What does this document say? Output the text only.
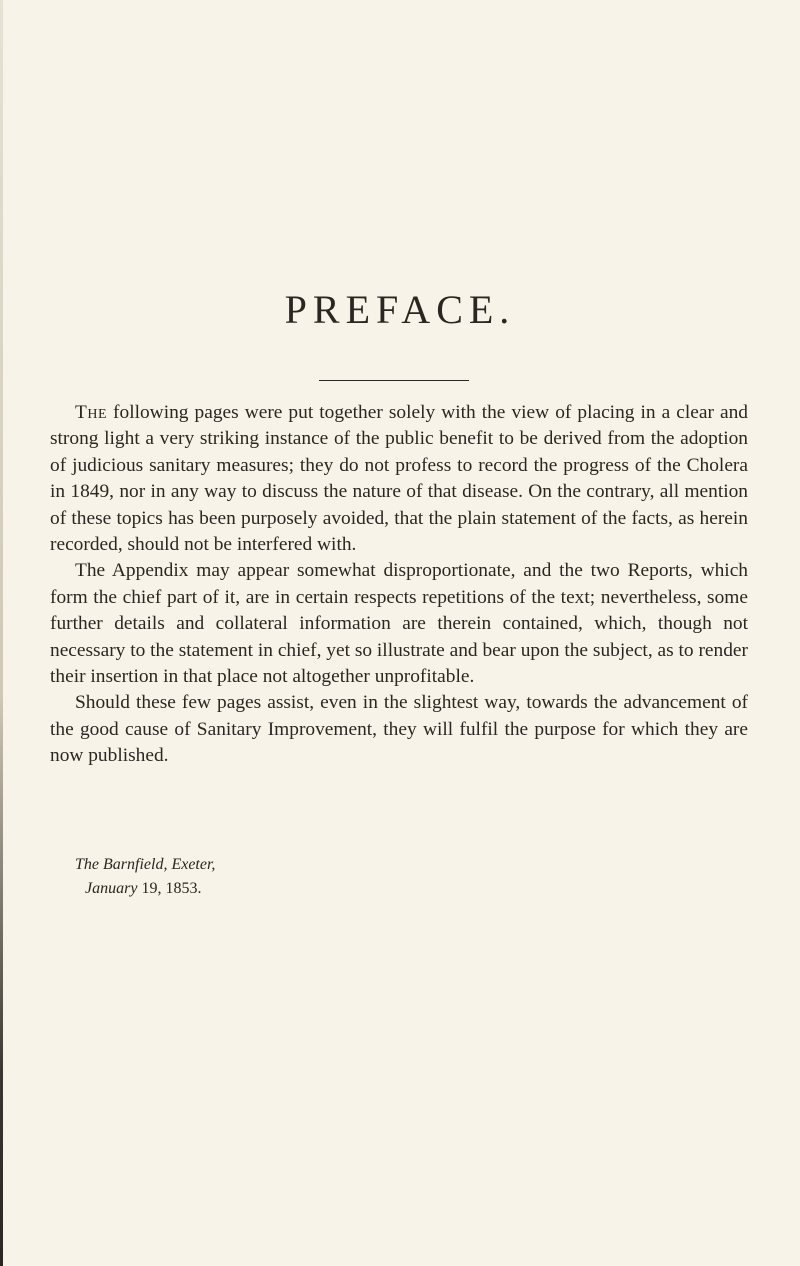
PREFACE.

The following pages were put together solely with the view of placing in a clear and strong light a very striking instance of the public benefit to be derived from the adoption of judicious sanitary measures; they do not profess to record the progress of the Cholera in 1849, nor in any way to discuss the nature of that disease. On the contrary, all mention of these topics has been purposely avoided, that the plain statement of the facts, as herein recorded, should not be interfered with.

The Appendix may appear somewhat disproportionate, and the two Reports, which form the chief part of it, are in certain respects repetitions of the text; nevertheless, some further details and collateral information are therein contained, which, though not necessary to the statement in chief, yet so illustrate and bear upon the subject, as to render their insertion in that place not altogether unprofitable.

Should these few pages assist, even in the slightest way, towards the advancement of the good cause of Sanitary Improvement, they will fulfil the purpose for which they are now published.

The Barnfield, Exeter,
January 19, 1853.
